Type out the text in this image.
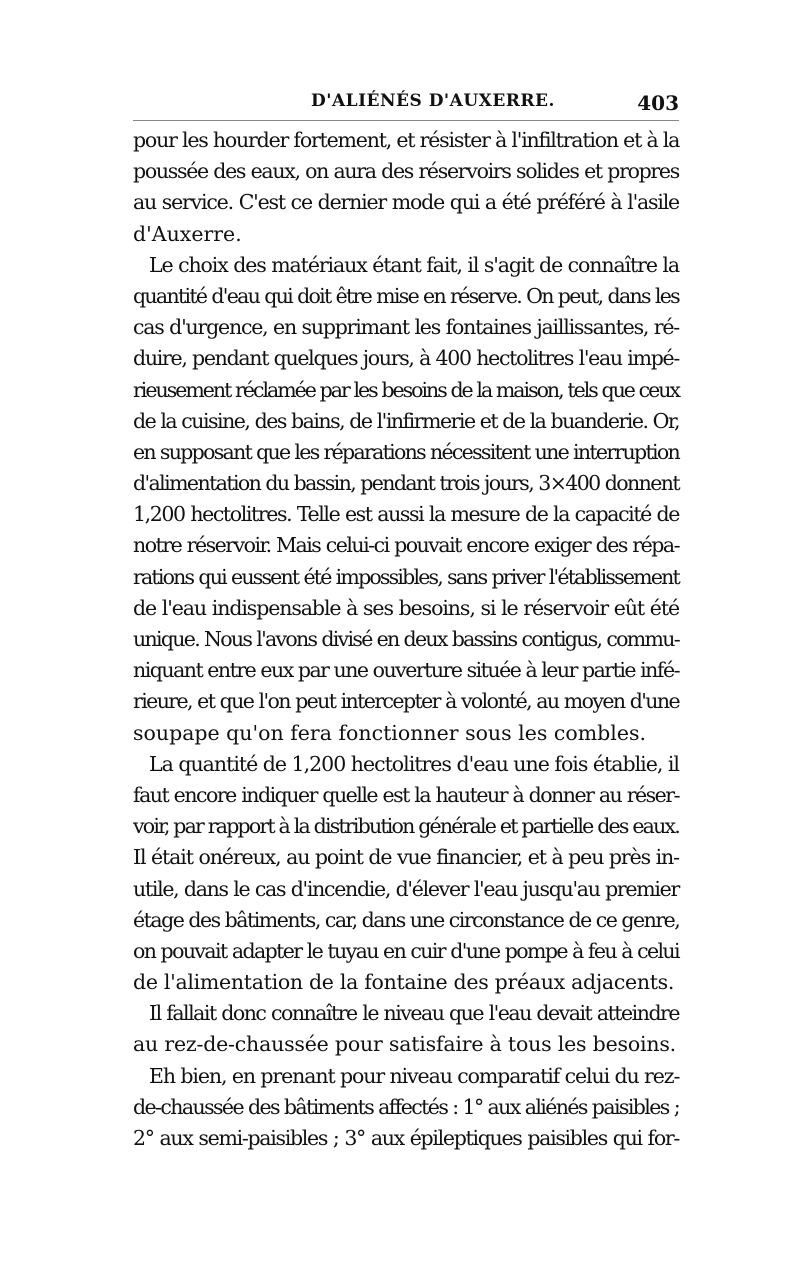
D'ALIÉNÉS D'AUXERRE.	403
pour les hourder fortement, et résister à l'infiltration et à la
poussée des eaux, on aura des réservoirs solides et propres
au service. C'est ce dernier mode qui a été préféré à l'asile
d'Auxerre.
Le choix des matériaux étant fait, il s'agit de connaître la
quantité d'eau qui doit être mise en réserve. On peut, dans les
cas d'urgence, en supprimant les fontaines jaillissantes, ré-
duire, pendant quelques jours, à 400 hectolitres l'eau impé-
rieusement réclamée par les besoins de la maison, tels que ceux
de la cuisine, des bains, de l'infirmerie et de la buanderie. Or,
en supposant que les réparations nécessitent une interruption
d'alimentation du bassin, pendant trois jours, 3×400 donnent
1,200 hectolitres. Telle est aussi la mesure de la capacité de
notre réservoir. Mais celui-ci pouvait encore exiger des répa-
rations qui eussent été impossibles, sans priver l'établissement
de l'eau indispensable à ses besoins, si le réservoir eût été
unique. Nous l'avons divisé en deux bassins contigus, commu-
niquant entre eux par une ouverture située à leur partie infé-
rieure, et que l'on peut intercepter à volonté, au moyen d'une
soupape qu'on fera fonctionner sous les combles.
La quantité de 1,200 hectolitres d'eau une fois établie, il
faut encore indiquer quelle est la hauteur à donner au réser-
voir, par rapport à la distribution générale et partielle des eaux.
Il était onéreux, au point de vue financier, et à peu près in-
utile, dans le cas d'incendie, d'élever l'eau jusqu'au premier
étage des bâtiments, car, dans une circonstance de ce genre,
on pouvait adapter le tuyau en cuir d'une pompe à feu à celui
de l'alimentation de la fontaine des préaux adjacents.
Il fallait donc connaître le niveau que l'eau devait atteindre
au rez-de-chaussée pour satisfaire à tous les besoins.
Eh bien, en prenant pour niveau comparatif celui du rez-
de-chaussée des bâtiments affectés : 1° aux aliénés paisibles ;
2° aux semi-paisibles ; 3° aux épileptiques paisibles qui for-
